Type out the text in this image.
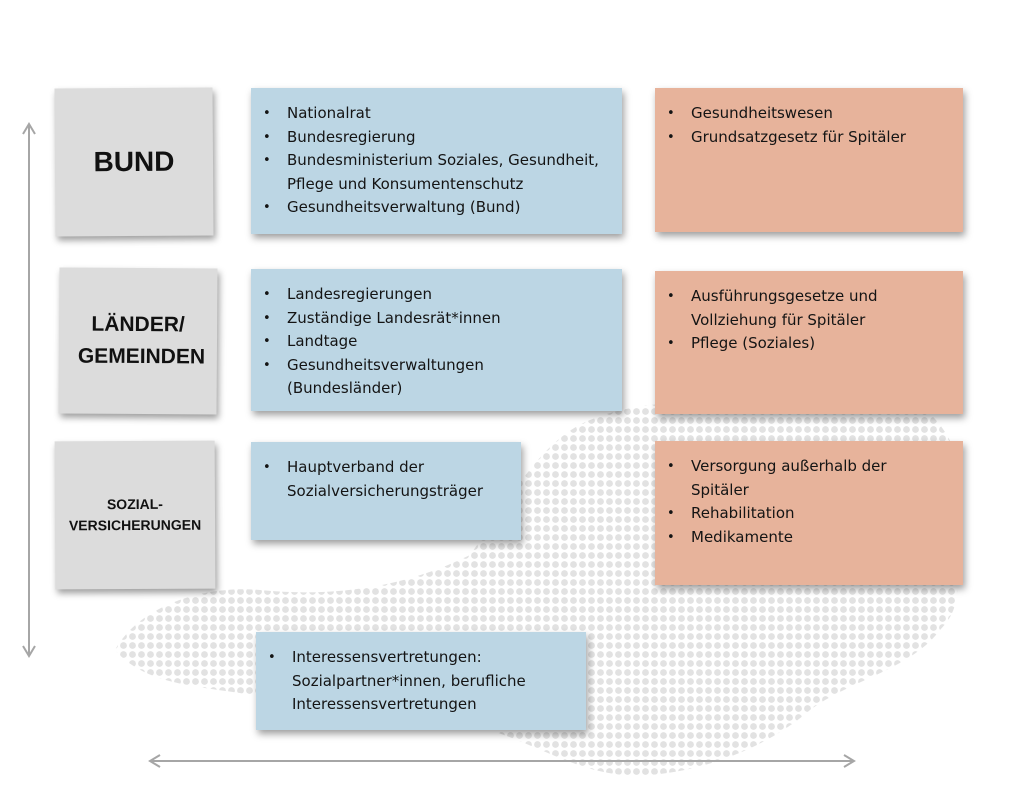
BUND
LÄNDER/ GEMEINDEN
SOZIAL- VERSICHERUNGEN
• Nationalrat
• Bundesregierung
• Bundesministerium Soziales, Gesundheit, Pflege und Konsumentenschutz
• Gesundheitsverwaltung (Bund)
• Landesregierungen
• Zuständige Landesrät*innen
• Landtage
• Gesundheitsverwaltungen (Bundesländer)
• Hauptverband der Sozialversicherungsträger
• Interessensvertretungen: Sozialpartner*innen, berufliche Interessensvertretungen
• Gesundheitswesen
• Grundsatzgesetz für Spitäler
• Ausführungsgesetze und Vollziehung für Spitäler
• Pflege (Soziales)
• Versorgung außerhalb der Spitäler
• Rehabilitation
• Medikamente
